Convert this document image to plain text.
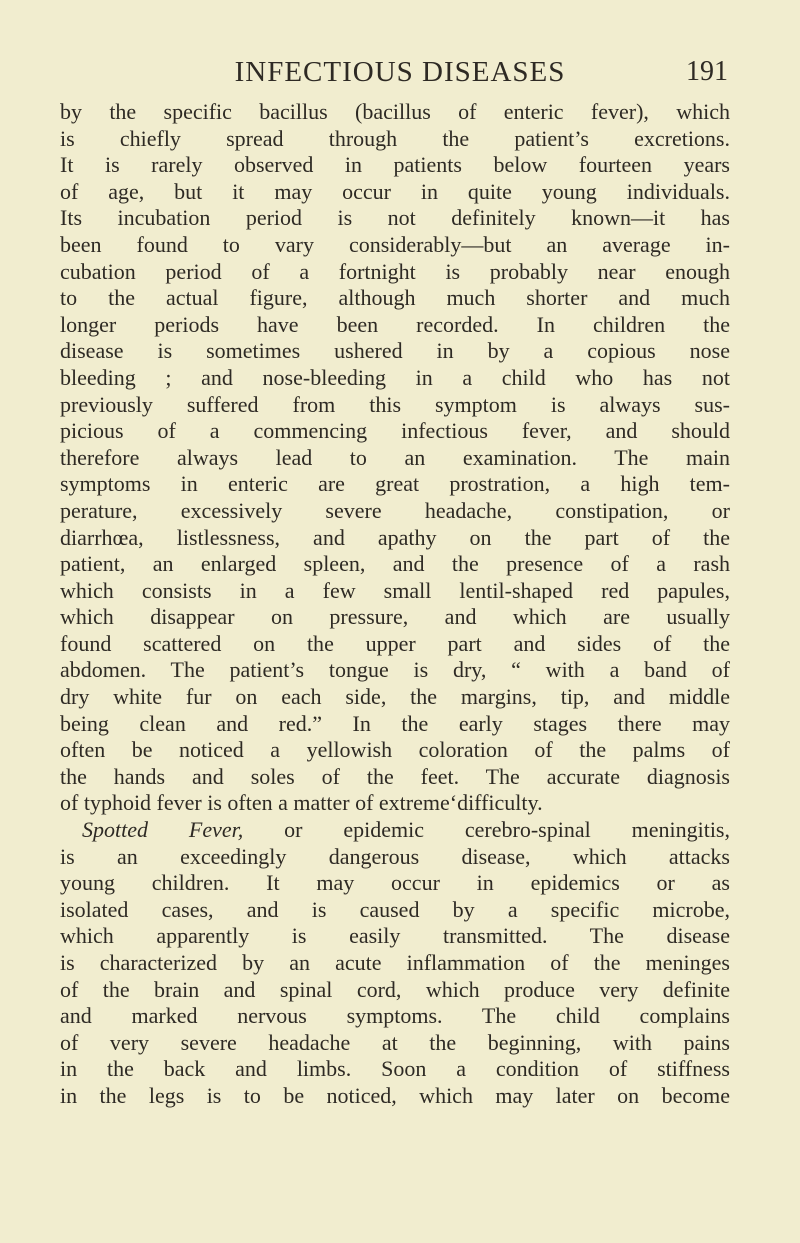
INFECTIOUS DISEASES	191
by the specific bacillus (bacillus of enteric fever), which
is chiefly spread through the patient’s excretions.
It is rarely observed in patients below fourteen years
of age, but it may occur in quite young individuals.
Its incubation period is not definitely known—it has
been found to vary considerably—but an average in-
cubation period of a fortnight is probably near enough
to the actual figure, although much shorter and much
longer periods have been recorded. In children the
disease is sometimes ushered in by a copious nose
bleeding ; and nose-bleeding in a child who has not
previously suffered from this symptom is always sus-
picious of a commencing infectious fever, and should
therefore always lead to an examination. The main
symptoms in enteric are great prostration, a high tem-
perature, excessively severe headache, constipation, or
diarrhœa, listlessness, and apathy on the part of the
patient, an enlarged spleen, and the presence of a rash
which consists in a few small lentil-shaped red papules,
which disappear on pressure, and which are usually
found scattered on the upper part and sides of the
abdomen. The patient’s tongue is dry, “ with a band of
dry white fur on each side, the margins, tip, and middle
being clean and red.” In the early stages there may
often be noticed a yellowish coloration of the palms of
the hands and soles of the feet. The accurate diagnosis
of typhoid fever is often a matter of extreme‘difficulty.
Spotted Fever, or epidemic cerebro-spinal meningitis,
is an exceedingly dangerous disease, which attacks
young children. It may occur in epidemics or as
isolated cases, and is caused by a specific microbe,
which apparently is easily transmitted. The disease
is characterized by an acute inflammation of the meninges
of the brain and spinal cord, which produce very definite
and marked nervous symptoms. The child complains
of very severe headache at the beginning, with pains
in the back and limbs. Soon a condition of stiffness
in the legs is to be noticed, which may later on become
